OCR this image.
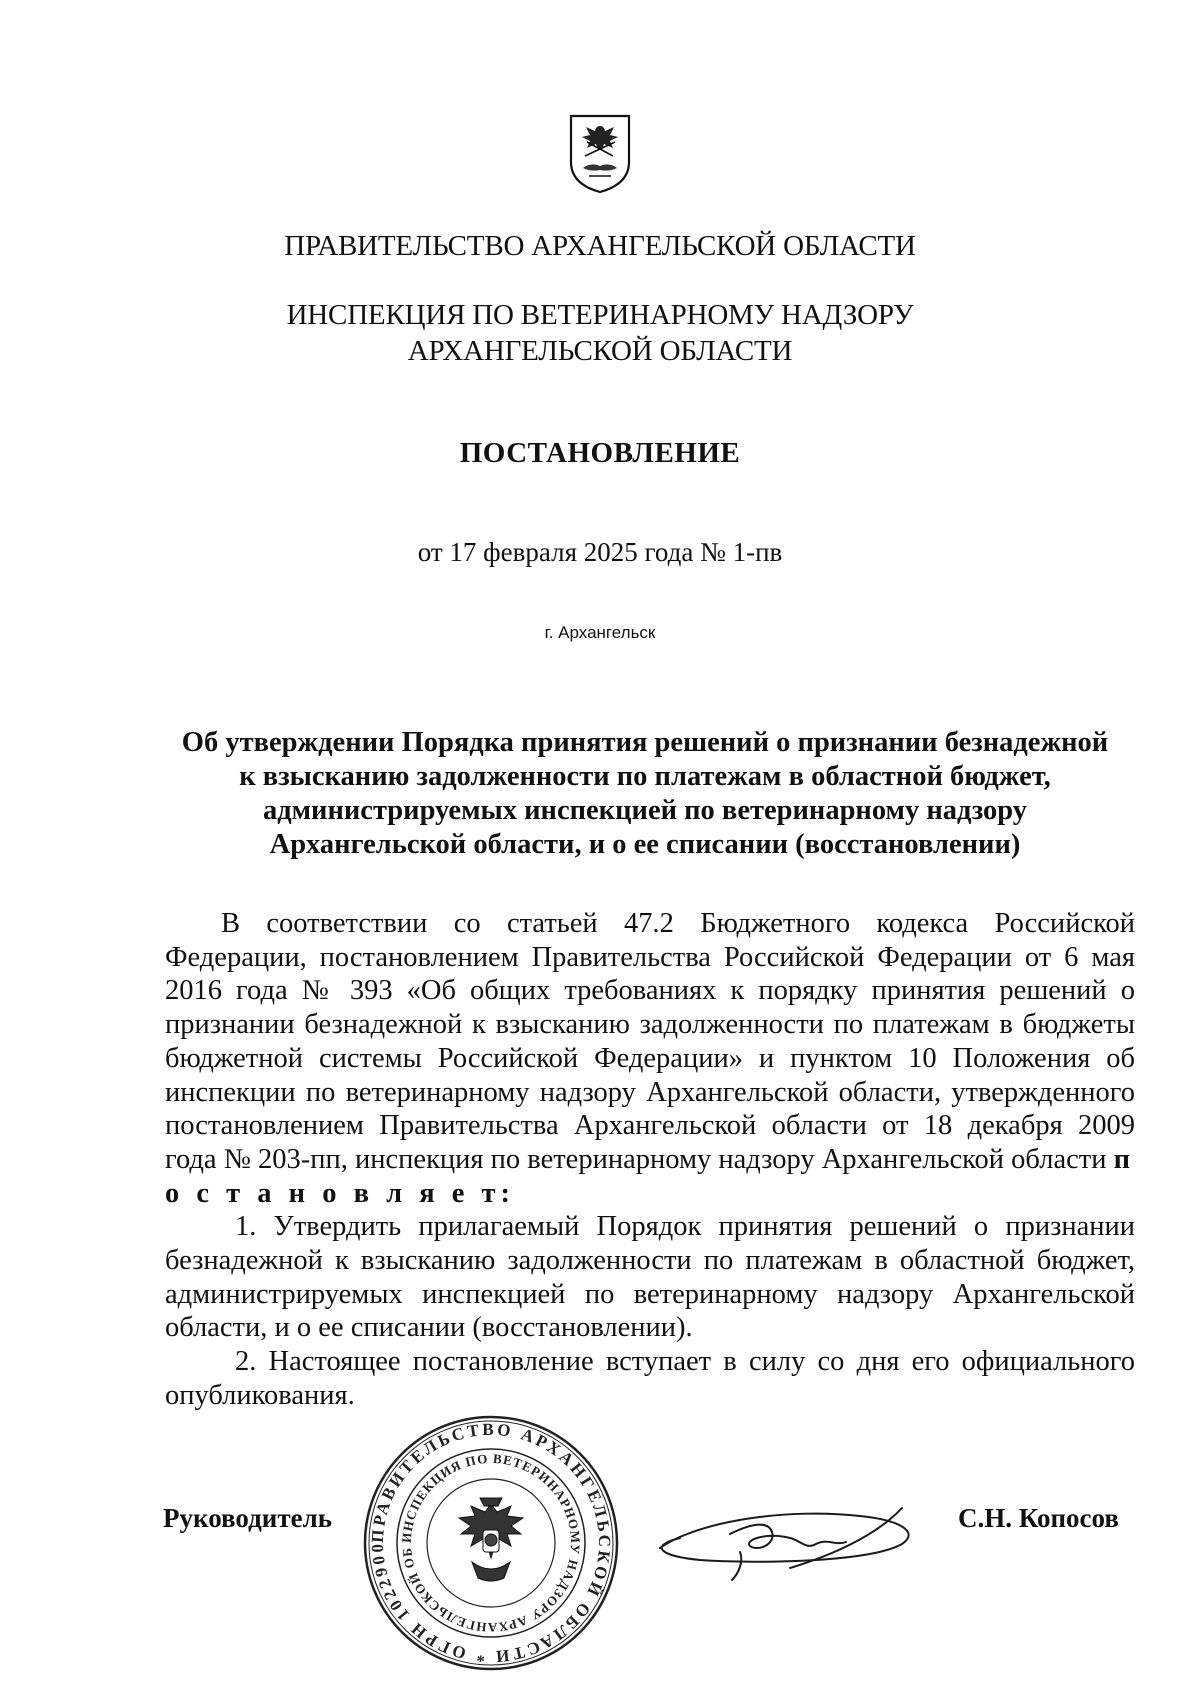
ПРАВИТЕЛЬСТВО АРХАНГЕЛЬСКОЙ ОБЛАСТИ
ИНСПЕКЦИЯ ПО ВЕТЕРИНАРНОМУ НАДЗОРУ
АРХАНГЕЛЬСКОЙ ОБЛАСТИ
ПОСТАНОВЛЕНИЕ
от 17 февраля 2025 года № 1-пв
г. Архангельск
Об утверждении Порядка принятия решений о признании безнадежной
к взысканию задолженности по платежам в областной бюджет,
администрируемых инспекцией по ветеринарному надзору
Архангельской области, и о ее списании (восстановлении)

В соответствии со статьей 47.2 Бюджетного кодекса Российской Федерации, постановлением Правительства Российской Федерации от 6 мая 2016 года № 393 «Об общих требованиях к порядку принятия решений о признании безнадежной к взысканию задолженности по платежам в бюджеты бюджетной системы Российской Федерации» и пунктом 10 Положения об инспекции по ветеринарному надзору Архангельской области, утвержденного постановлением Правительства Архангельской области от 18 декабря 2009 года № 203-пп, инспекция по ветеринарному надзору Архангельской области п о с т а н о в л я е т:

1. Утвердить прилагаемый Порядок принятия решений о признании безнадежной к взысканию задолженности по платежам в областной бюджет, администрируемых инспекцией по ветеринарному надзору Архангельской области, и о ее списании (восстановлении).

2. Настоящее постановление вступает в силу со дня его официального опубликования.

ПРАВИТЕЛЬСТВО АРХАНГЕЛЬСКОЙ ОБЛАСТИ * ОГРН 1022900
ИНСПЕКЦИЯ ПО ВЕТЕРИНАРНОМУ НАДЗОРУ АРХАНГЕЛЬСКОЙ ОБ
Руководитель	С.Н. Копосов
